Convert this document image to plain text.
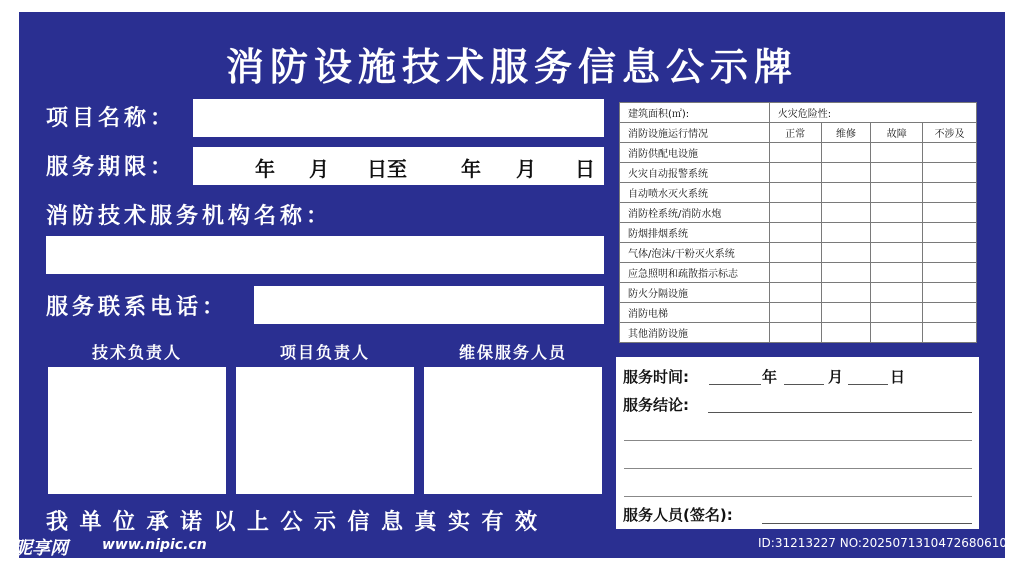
消防设施技术服务信息公示牌
项目名称：
服务期限：	年 月 日至	年 月 日
消防技术服务机构名称：
服务联系电话：
技术负责人	项目负责人	维保服务人员
我单位承诺以上公示信息真实有效
建筑面积(㎡):	火灾危险性:			
消防设施运行情况	正常	维修	故障	不涉及
消防供配电设施				
火灾自动报警系统				
自动喷水灭火系统				
消防栓系统/消防水炮				
防烟排烟系统				
气体/泡沫/干粉灭火系统				
应急照明和疏散指示标志				
防火分隔设施				
消防电梯				
其他消防设施				
服务时间:	年	月	日
服务结论:
服务人员(签名):
昵享网 www.nipic.cn	ID:31213227 NO:20250713104726806105
